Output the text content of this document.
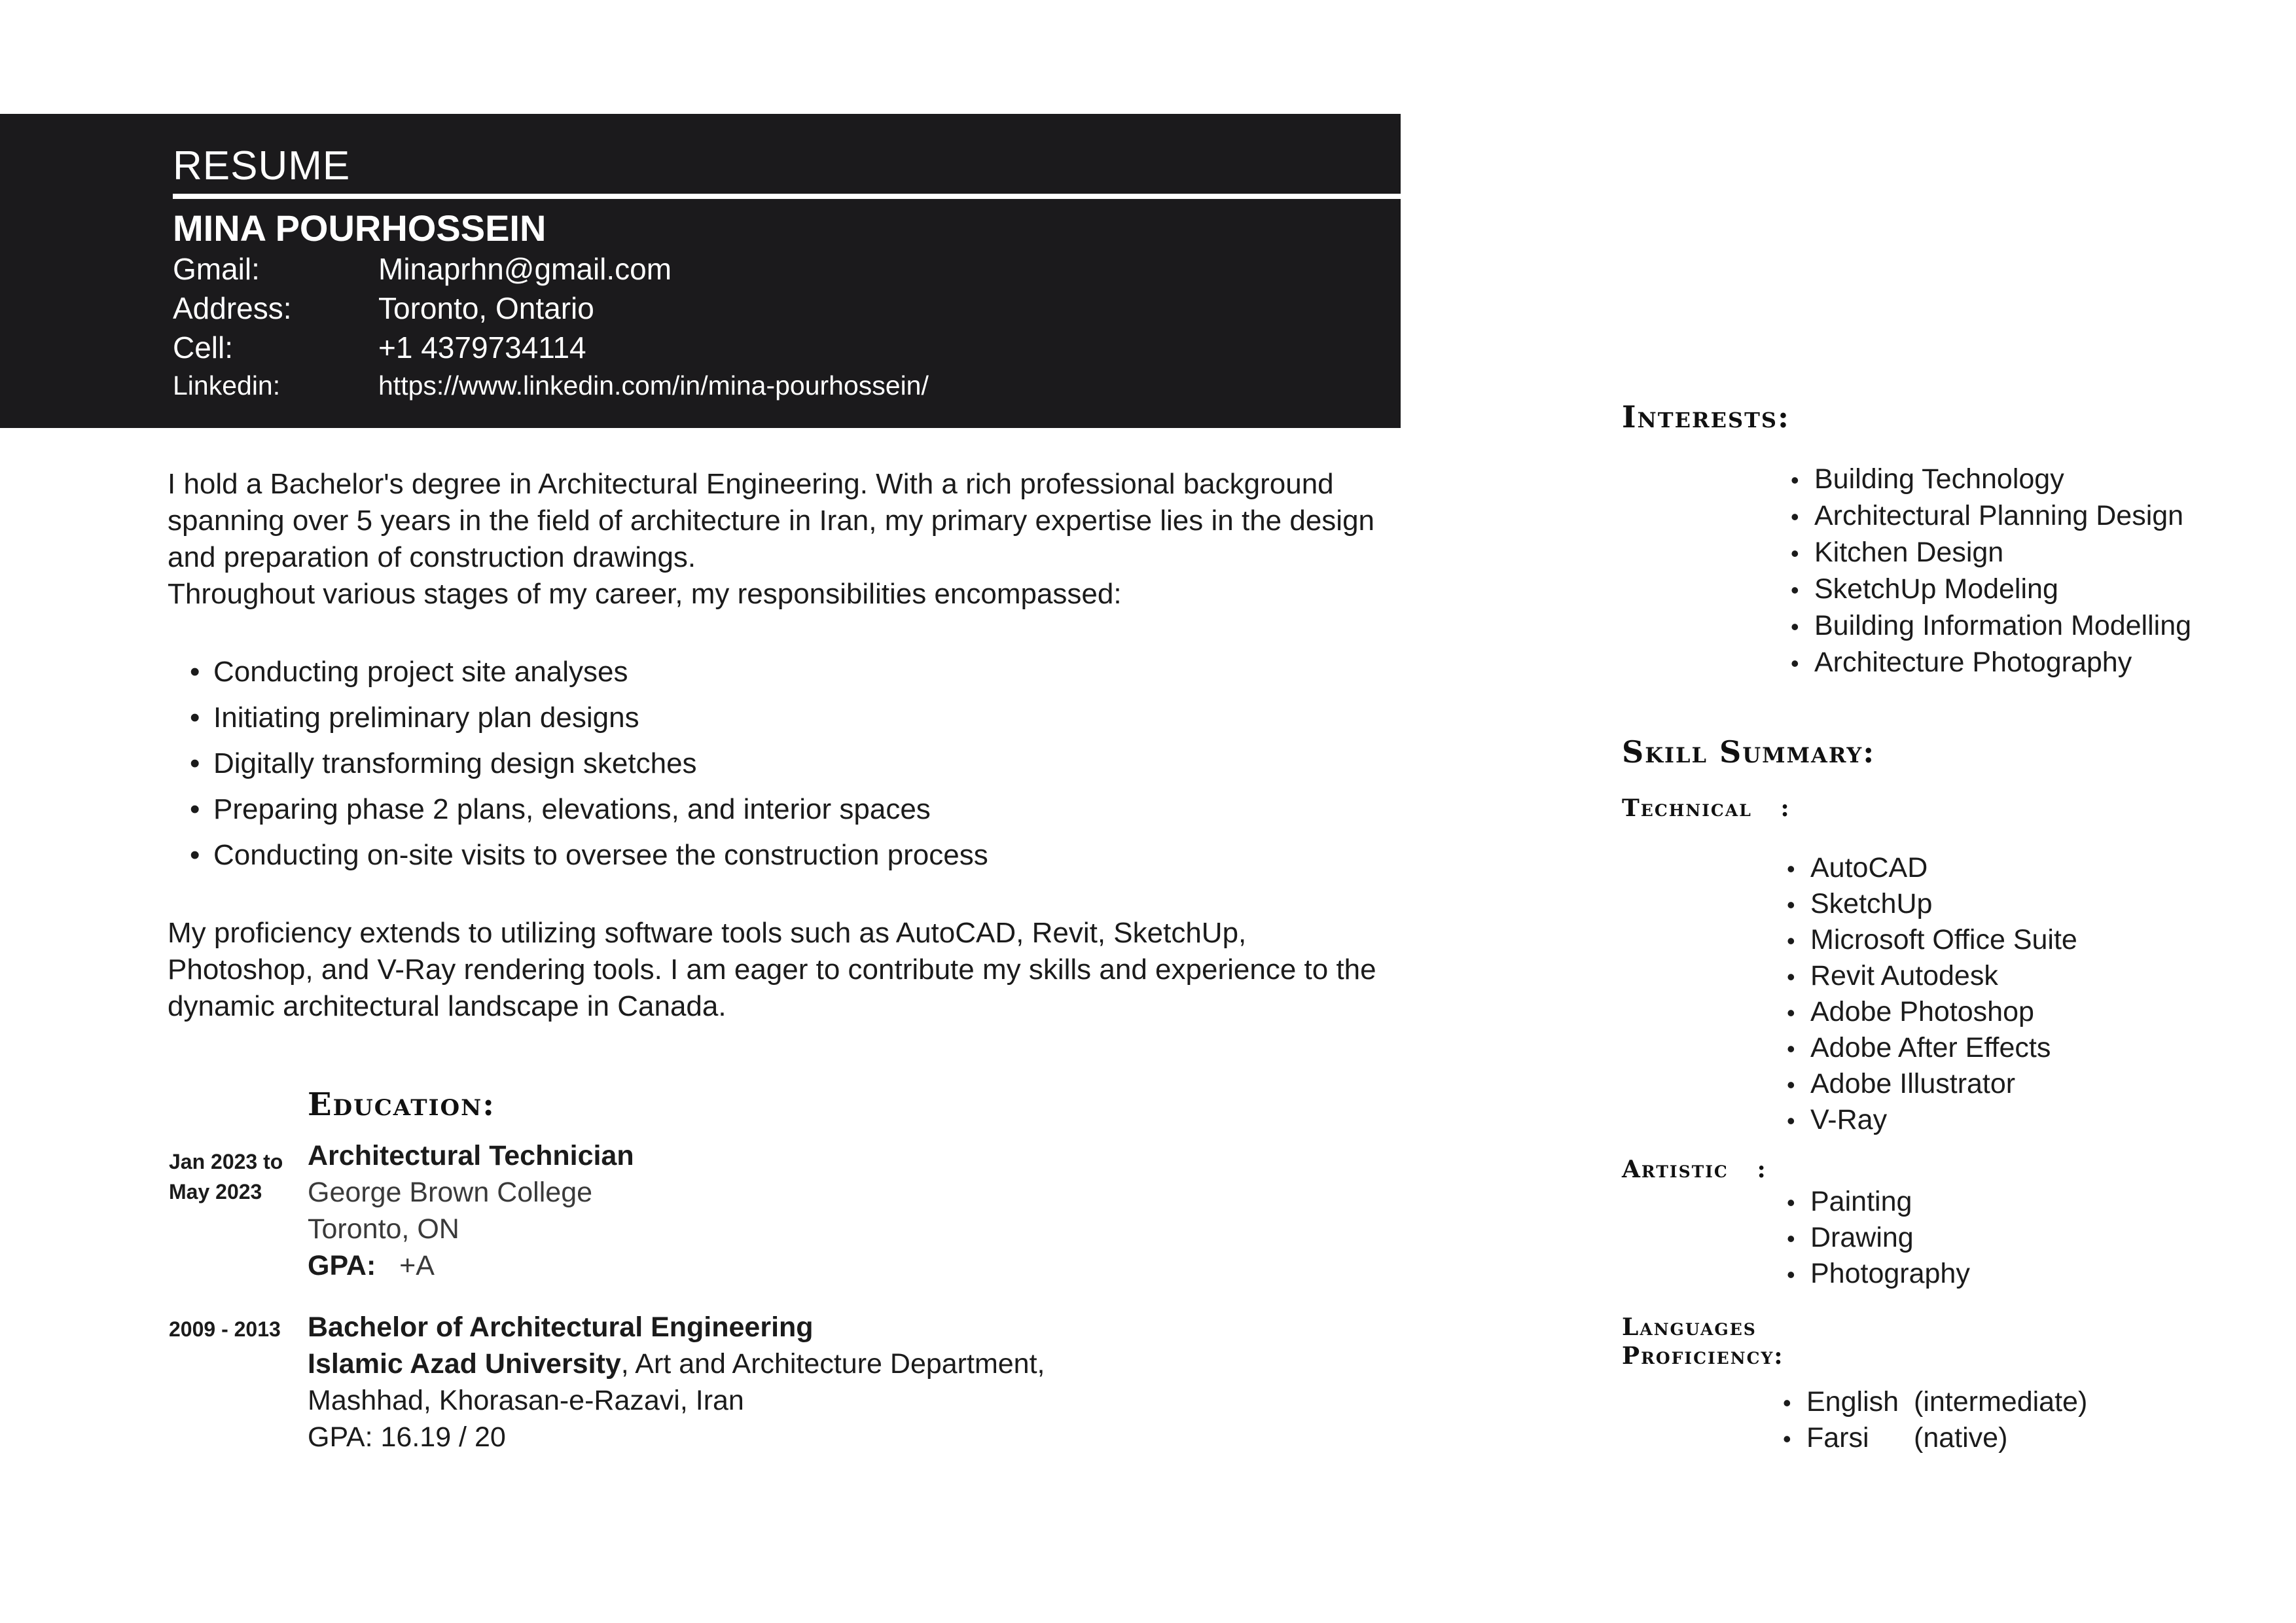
RESUME
MINA POURHOSSEIN
Gmail:	Minaprhn@gmail.com
Address:	Toronto, Ontario
Cell:	+1 4379734114
Linkedin:	https://www.linkedin.com/in/mina-pourhossein/

I hold a Bachelor's degree in Architectural Engineering. With a rich professional background spanning over 5 years in the field of architecture in Iran, my primary expertise lies in the design and preparation of construction drawings.

Throughout various stages of my career, my responsibilities encompassed:

• Conducting project site analyses
• Initiating preliminary plan designs
• Digitally transforming design sketches
• Preparing phase 2 plans, elevations, and interior spaces
• Conducting on-site visits to oversee the construction process

My proficiency extends to utilizing software tools such as AutoCAD, Revit, SketchUp, Photoshop, and V-Ray rendering tools. I am eager to contribute my skills and experience to the dynamic architectural landscape in Canada.

Education:
Jan 2023 to
May 2023
Architectural Technician
George Brown College
Toronto, ON
GPA: +A
2009 - 2013 Bachelor of Architectural Engineering
Islamic Azad University, Art and Architecture Department,
Mashhad, Khorasan-e-Razavi, Iran
GPA: 16.19 / 20
Interests:
• Building Technology
• Architectural Planning Design
• Kitchen Design
• SketchUp Modeling
• Building Information Modelling
• Architecture Photography
Skill Summary:
Technical :
• AutoCAD
• SketchUp
• Microsoft Office Suite
• Revit Autodesk
• Adobe Photoshop
• Adobe After Effects
• Adobe Illustrator
• V-Ray
Artistic :
• Painting
• Drawing
• Photography
Languages
Proficiency:
• English (intermediate)
• Farsi (native)
